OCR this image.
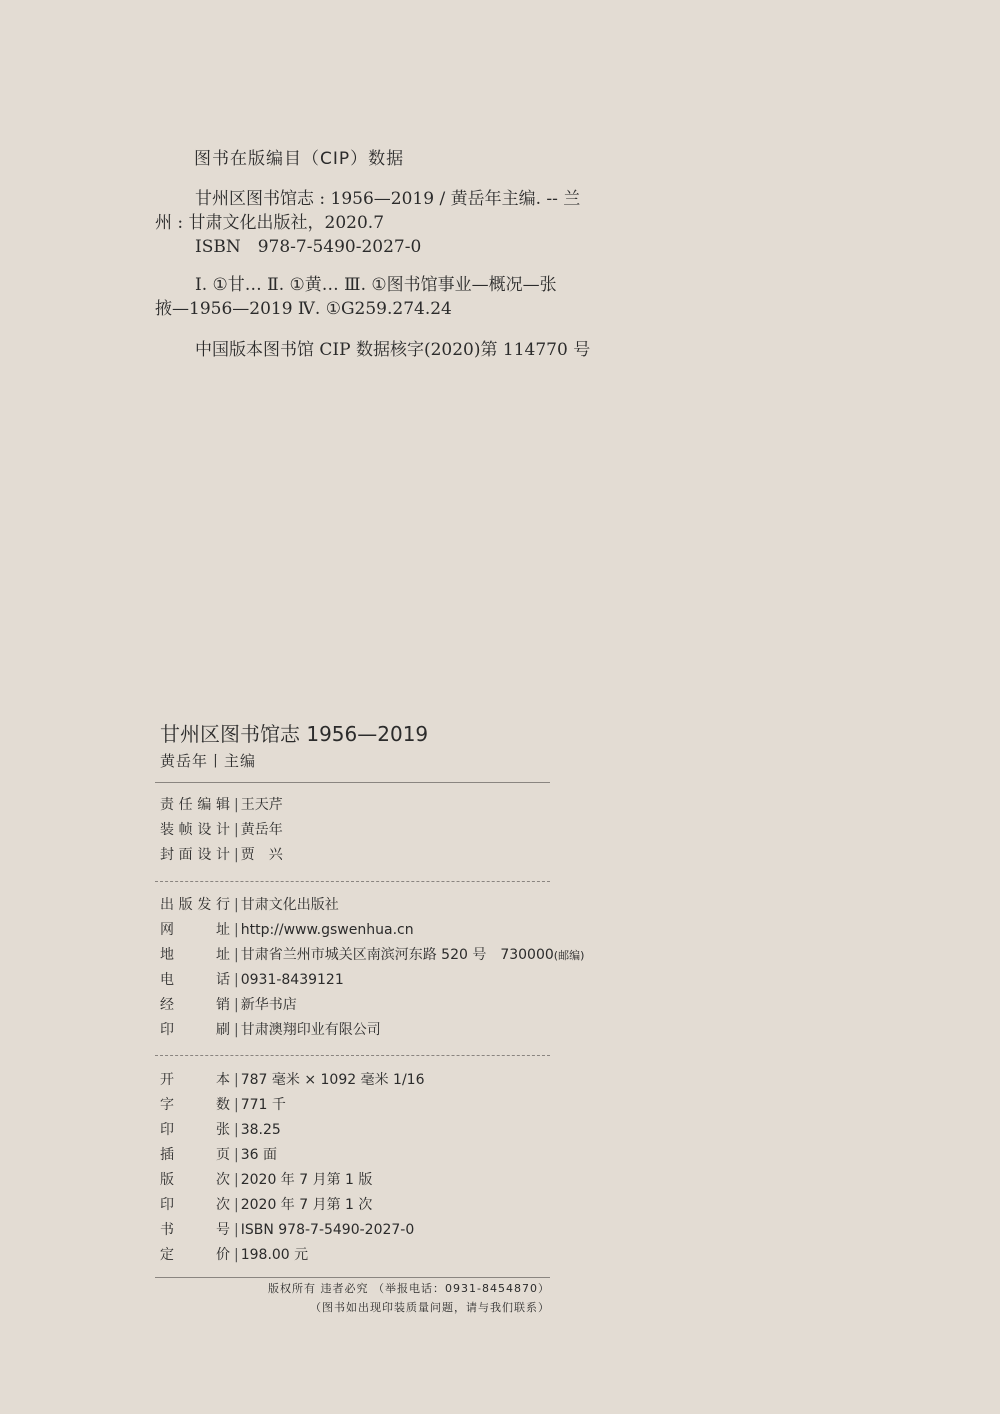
图书在版编目（CIP）数据
甘州区图书馆志 : 1956—2019 / 黄岳年主编. -- 兰
州 : 甘肃文化出版社，2020.7
ISBN　978-7-5490-2027-0
Ⅰ. ①甘… Ⅱ. ①黄… Ⅲ. ①图书馆事业—概况—张
掖—1956—2019 Ⅳ. ①G259.274.24
中国版本图书馆 CIP 数据核字(2020)第 114770 号
甘州区图书馆志 1956—2019
黄岳年丨主编
责 任 编 辑 | 王天芹
装 帧 设 计 | 黄岳年
封 面 设 计 | 贾　兴
出 版 发 行 | 甘肃文化出版社
网	址 | http://www.gswenhua.cn
地	址 | 甘肃省兰州市城关区南滨河东路 520 号　730000(邮编)
电	话 | 0931-8439121
经	销 | 新华书店
印	刷 | 甘肃澳翔印业有限公司
开	本 | 787 毫米 × 1092 毫米 1/16
字	数 | 771 千
印	张 | 38.25
插	页 | 36 面
版	次 | 2020 年 7 月第 1 版
印	次 | 2020 年 7 月第 1 次
书	号 | ISBN 978-7-5490-2027-0
定	价 | 198.00 元
版权所有 违者必究 （举报电话：0931-8454870）
（图书如出现印装质量问题，请与我们联系）
